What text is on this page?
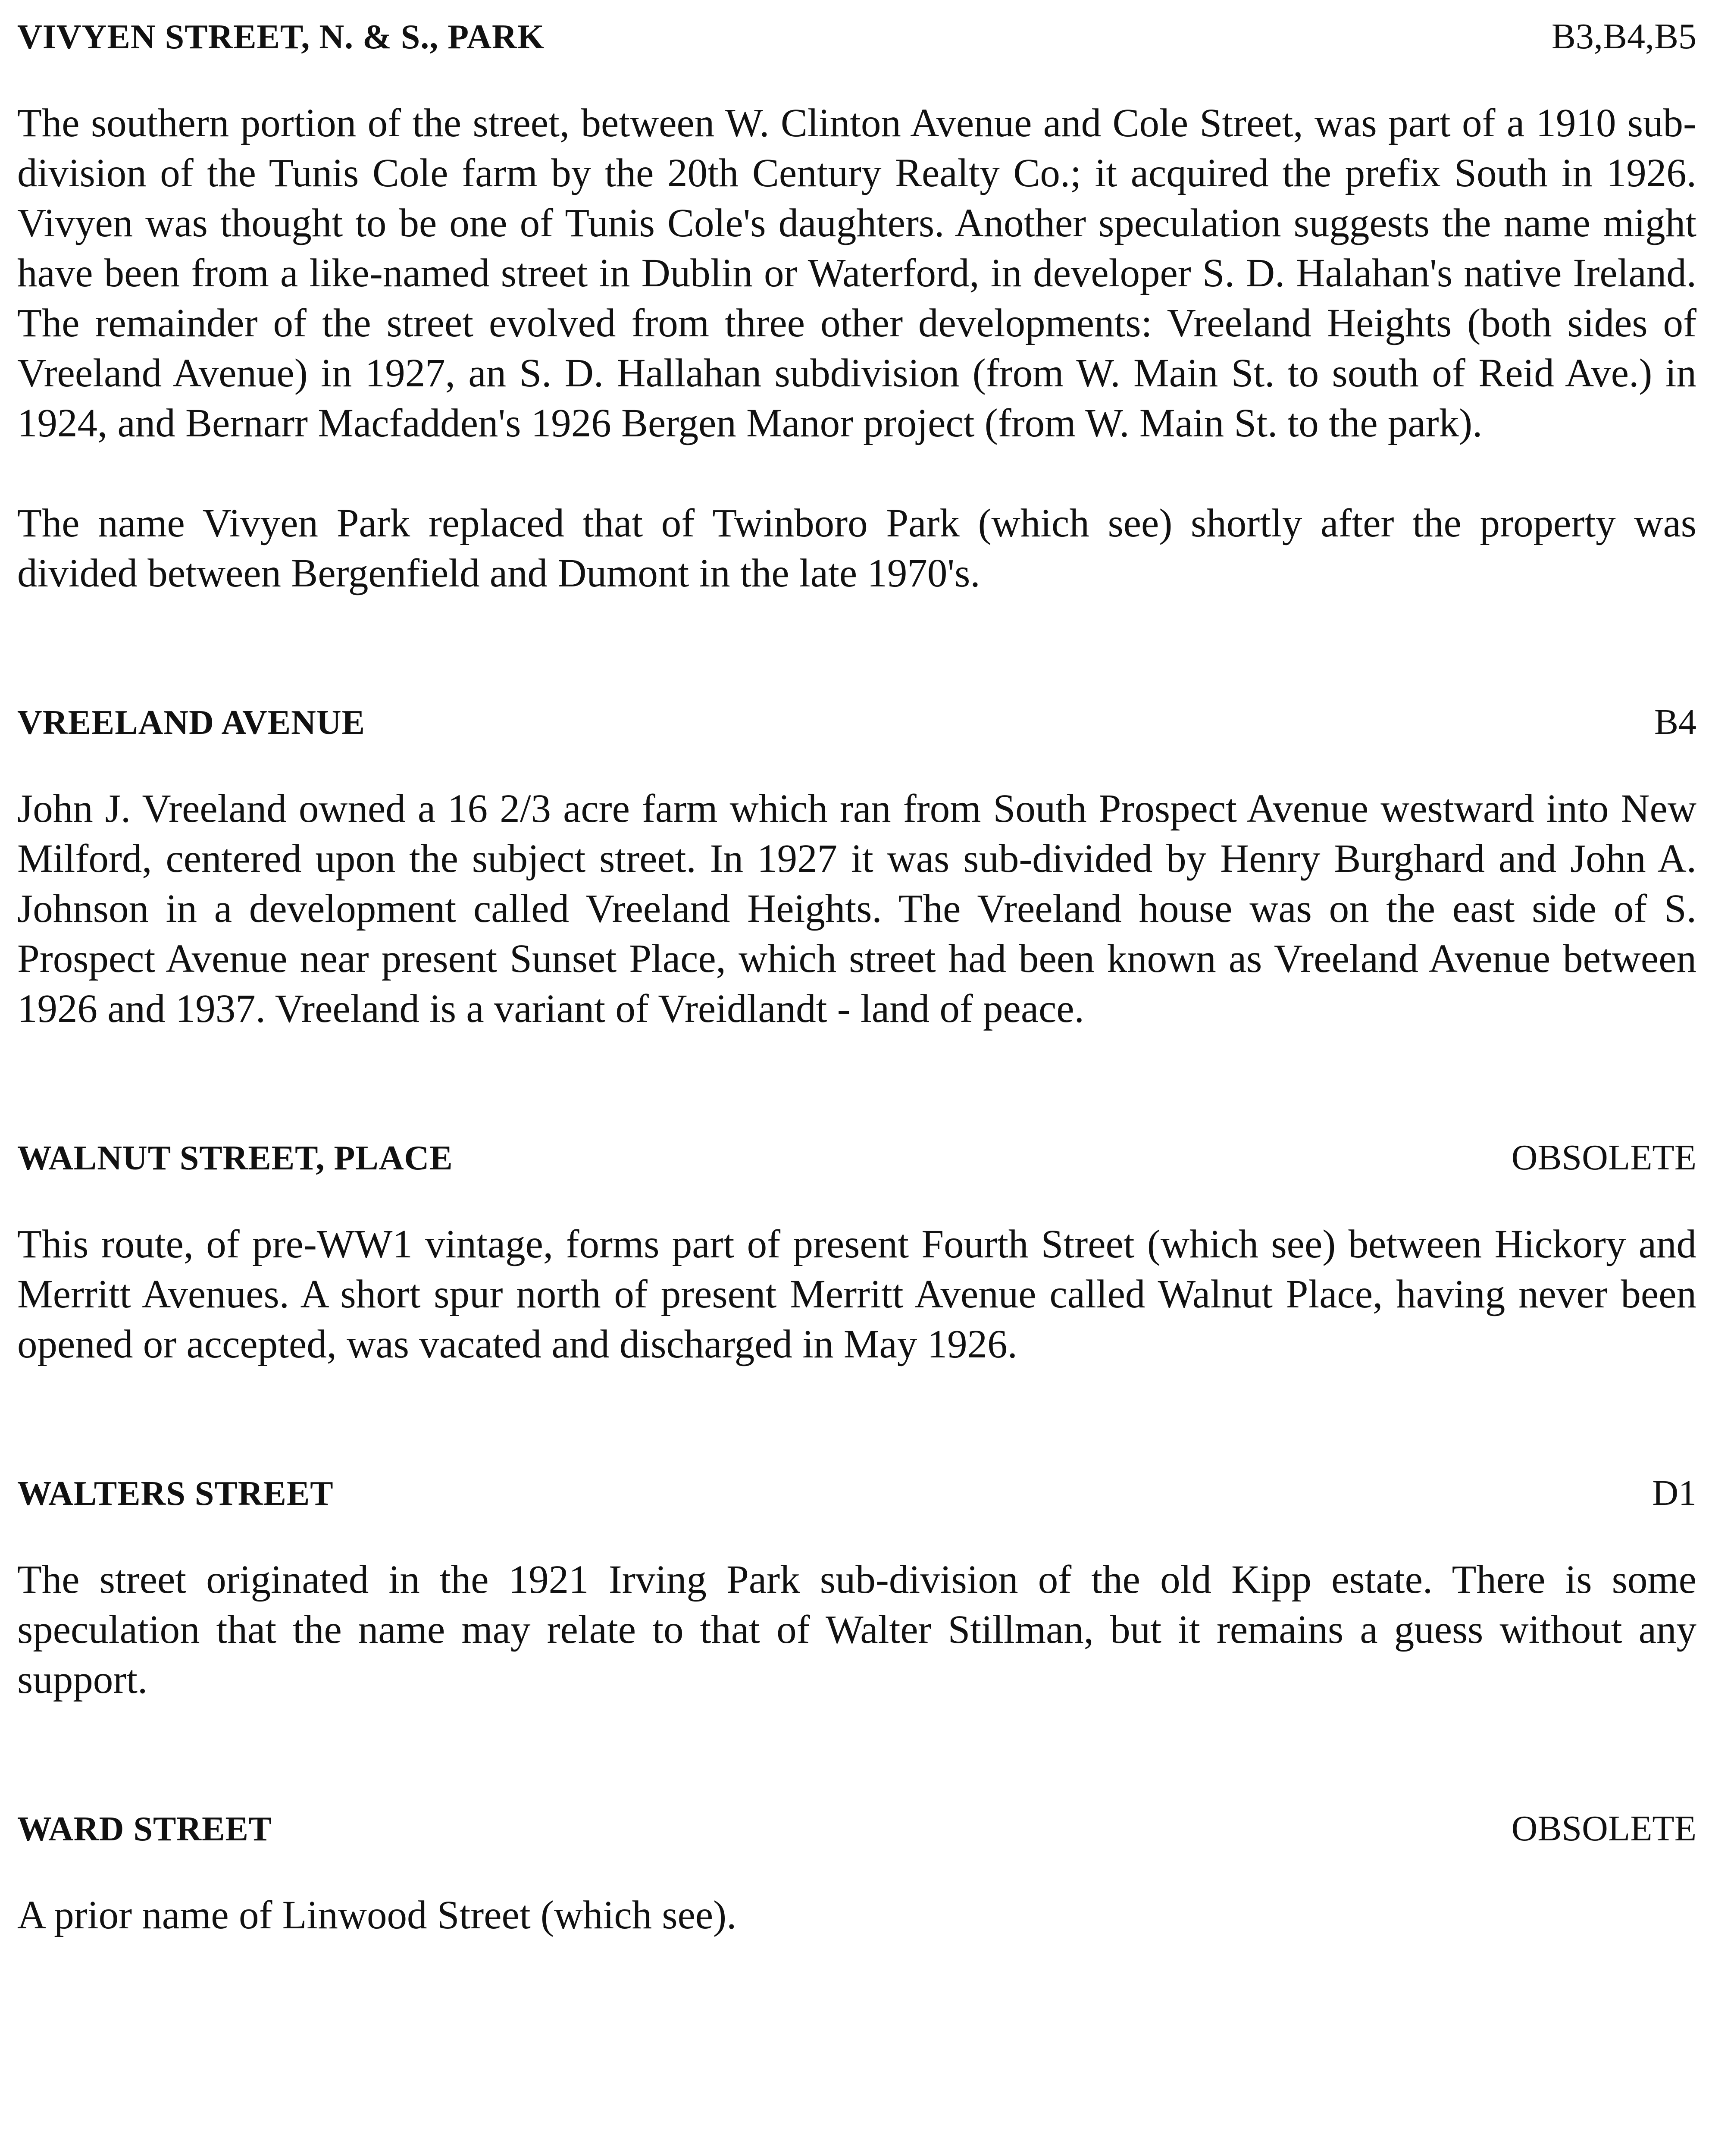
VIVYEN STREET, N. & S., PARK	B3,B4,B5

The southern portion of the street, between W. Clinton Avenue and Cole Street, was part of a 1910 sub-division of the Tunis Cole farm by the 20th Century Realty Co.; it acquired the prefix South in 1926. Vivyen was thought to be one of Tunis Cole's daughters. Another speculation suggests the name might have been from a like-named street in Dublin or Waterford, in developer S. D. Halahan's native Ireland. The remainder of the street evolved from three other developments: Vreeland Heights (both sides of Vreeland Avenue) in 1927, an S. D. Hallahan subdivision (from W. Main St. to south of Reid Ave.) in 1924, and Bernarr Macfadden's 1926 Bergen Manor project (from W. Main St. to the park).

The name Vivyen Park replaced that of Twinboro Park (which see) shortly after the property was divided between Bergenfield and Dumont in the late 1970's.

VREELAND AVENUE	B4

John J. Vreeland owned a 16 2/3 acre farm which ran from South Prospect Avenue westward into New Milford, centered upon the subject street. In 1927 it was sub-divided by Henry Burghard and John A. Johnson in a development called Vreeland Heights. The Vreeland house was on the east side of S. Prospect Avenue near present Sunset Place, which street had been known as Vreeland Avenue between 1926 and 1937. Vreeland is a variant of Vreidlandt - land of peace.

WALNUT STREET, PLACE	OBSOLETE

This route, of pre-WW1 vintage, forms part of present Fourth Street (which see) between Hickory and Merritt Avenues. A short spur north of present Merritt Avenue called Walnut Place, having never been opened or accepted, was vacated and discharged in May 1926.

WALTERS STREET	D1

The street originated in the 1921 Irving Park sub-division of the old Kipp estate. There is some speculation that the name may relate to that of Walter Stillman, but it remains a guess without any support.

WARD STREET	OBSOLETE

A prior name of Linwood Street (which see).
